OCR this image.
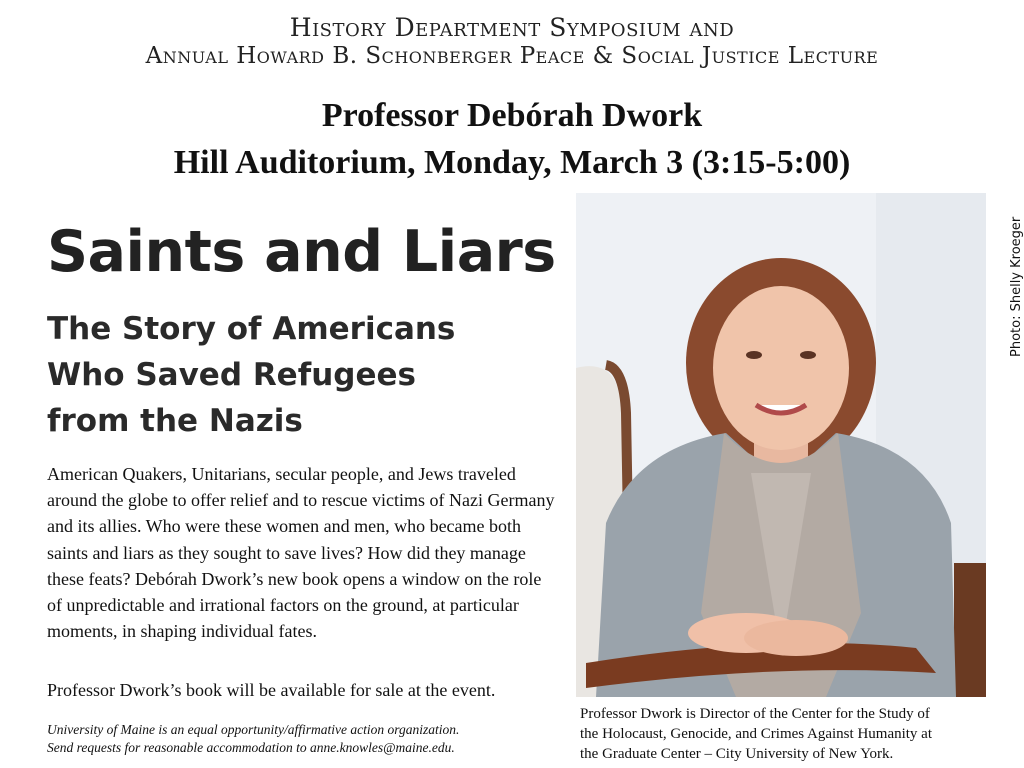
History Department Symposium and
Annual Howard B. Schonberger Peace & Social Justice Lecture
Professor Debórah Dwork
Hill Auditorium, Monday, March 3 (3:15-5:00)
Saints and Liars
The Story of Americans
Who Saved Refugees
from the Nazis
American Quakers, Unitarians, secular people, and Jews traveled around the globe to offer relief and to rescue victims of Nazi Germany and its allies. Who were these women and men, who became both saints and liars as they sought to save lives? How did they manage these feats? Debórah Dwork’s new book opens a window on the role of unpredictable and irrational factors on the ground, at particular moments, in shaping individual fates.
Professor Dwork’s book will be available for sale at the event.
University of Maine is an equal opportunity/affirmative action organization.
Send requests for reasonable accommodation to anne.knowles@maine.edu.
Photo: Shelly Kroeger
Professor Dwork is Director of the Center for the Study of
the Holocaust, Genocide, and Crimes Against Humanity at
the Graduate Center – City University of New York.
